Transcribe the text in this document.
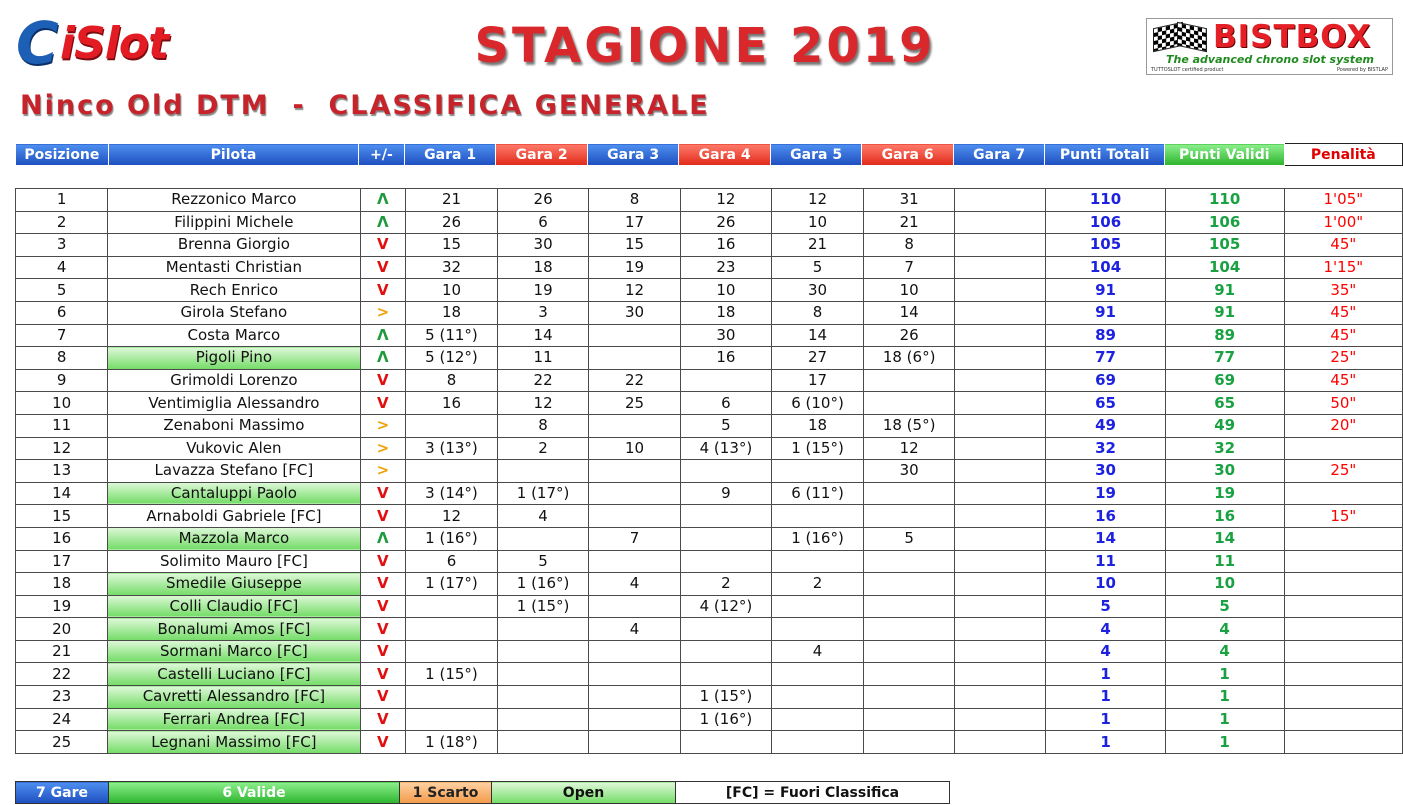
C iSlot	STAGIONE 2019
Ninco Old DTM  -  CLASSIFICA GENERALE
BISTBOX
The advanced chrono slot system
TUTTOSLOT certified product	Powered by BISTLAP
Posizione	Pilota	+/-	Gara 1	Gara 2	Gara 3	Gara 4	Gara 5	Gara 6	Gara 7	Punti Totali	Punti Validi	Penalità
1	Rezzonico Marco	Λ	21	26	8	12	12	31		110	110	1'05"
2	Filippini Michele	Λ	26	6	17	26	10	21		106	106	1'00"
3	Brenna Giorgio	V	15	30	15	16	21	8		105	105	45"
4	Mentasti Christian	V	32	18	19	23	5	7		104	104	1'15"
5	Rech Enrico	V	10	19	12	10	30	10		91	91	35"
6	Girola Stefano	>	18	3	30	18	8	14		91	91	45"
7	Costa Marco	Λ	5 (11°)	14		30	14	26		89	89	45"
8	Pigoli Pino	Λ	5 (12°)	11		16	27	18 (6°)		77	77	25"
9	Grimoldi Lorenzo	V	8	22	22		17			69	69	45"
10	Ventimiglia Alessandro	V	16	12	25	6	6 (10°)			65	65	50"
11	Zenaboni Massimo	>		8		5	18	18 (5°)		49	49	20"
12	Vukovic Alen	>	3 (13°)	2	10	4 (13°)	1 (15°)	12		32	32	
13	Lavazza Stefano [FC]	>						30		30	30	25"
14	Cantaluppi Paolo	V	3 (14°)	1 (17°)		9	6 (11°)			19	19	
15	Arnaboldi Gabriele [FC]	V	12	4						16	16	15"
16	Mazzola Marco	Λ	1 (16°)		7		1 (16°)	5		14	14	
17	Solimito Mauro [FC]	V	6	5						11	11	
18	Smedile Giuseppe	V	1 (17°)	1 (16°)	4	2	2			10	10	
19	Colli Claudio [FC]	V		1 (15°)		4 (12°)				5	5	
20	Bonalumi Amos [FC]	V			4					4	4	
21	Sormani Marco [FC]	V					4			4	4	
22	Castelli Luciano [FC]	V	1 (15°)							1	1	
23	Cavretti Alessandro [FC]	V				1 (15°)				1	1	
24	Ferrari Andrea [FC]	V				1 (16°)				1	1	
25	Legnani Massimo [FC]	V	1 (18°)							1	1	
7 Gare	6 Valide	1 Scarto	Open	[FC] = Fuori Classifica
